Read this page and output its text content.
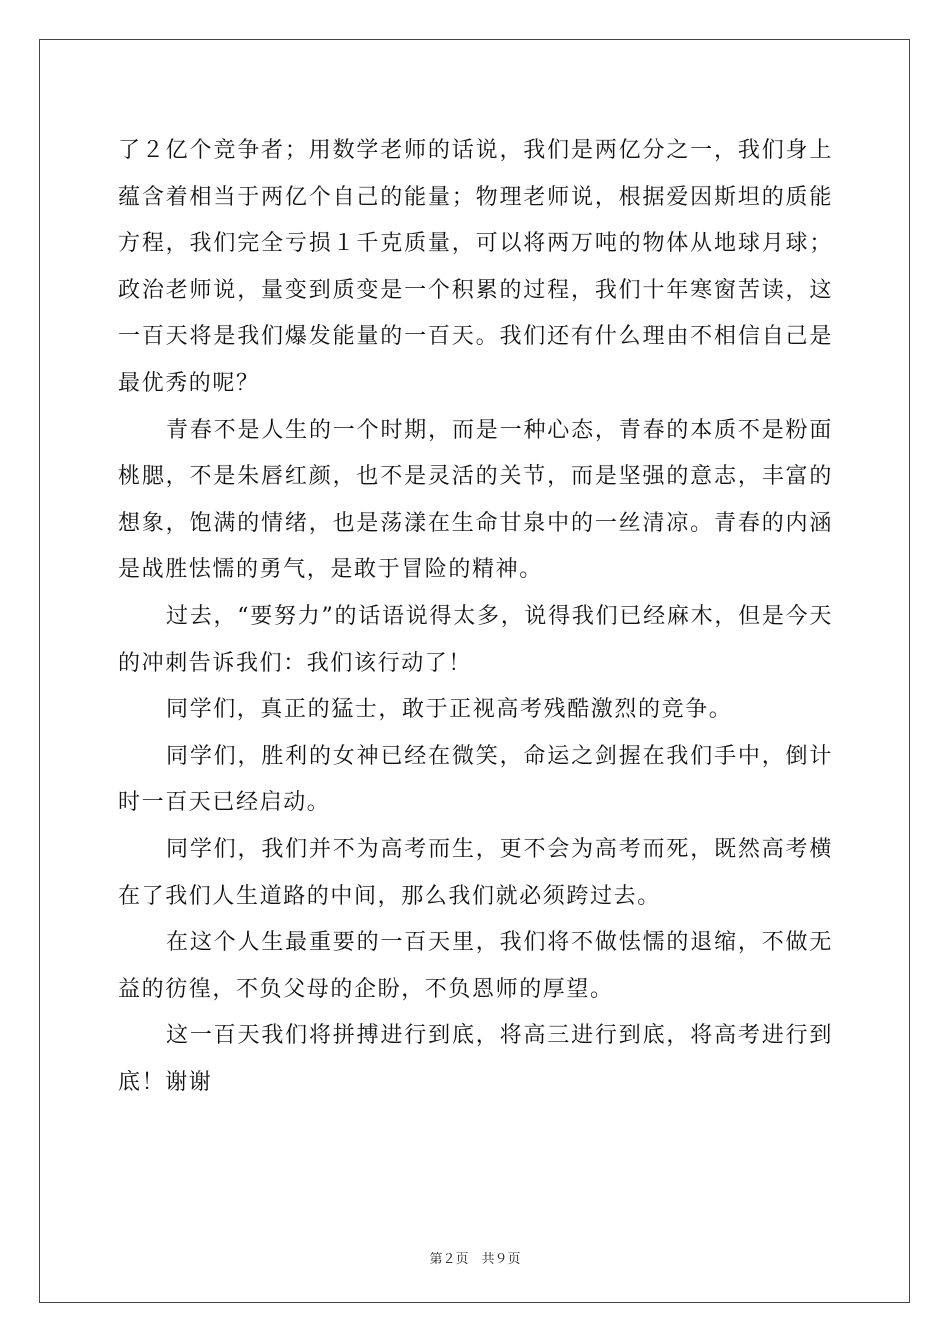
了２亿个竞争者；用数学老师的话说，我们是两亿分之一，我们身上蕴含着相当于两亿个自己的能量；物理老师说，根据爱因斯坦的质能方程，我们完全亏损１千克质量，可以将两万吨的物体从地球月球；政治老师说，量变到质变是一个积累的过程，我们十年寒窗苦读，这一百天将是我们爆发能量的一百天。我们还有什么理由不相信自己是最优秀的呢？

青春不是人生的一个时期，而是一种心态，青春的本质不是粉面桃腮，不是朱唇红颜，也不是灵活的关节，而是坚强的意志，丰富的想象，饱满的情绪，也是荡漾在生命甘泉中的一丝清凉。青春的内涵是战胜怯懦的勇气，是敢于冒险的精神。

过去，“要努力”的话语说得太多，说得我们已经麻木，但是今天的冲刺告诉我们：我们该行动了！

同学们，真正的猛士，敢于正视高考残酷激烈的竞争。

同学们，胜利的女神已经在微笑，命运之剑握在我们手中，倒计时一百天已经启动。

同学们，我们并不为高考而生，更不会为高考而死，既然高考横在了我们人生道路的中间，那么我们就必须跨过去。

在这个人生最重要的一百天里，我们将不做怯懦的退缩，不做无益的彷徨，不负父母的企盼，不负恩师的厚望。

这一百天我们将拼搏进行到底，将高三进行到底，将高考进行到底！谢谢

第２页　共９页
